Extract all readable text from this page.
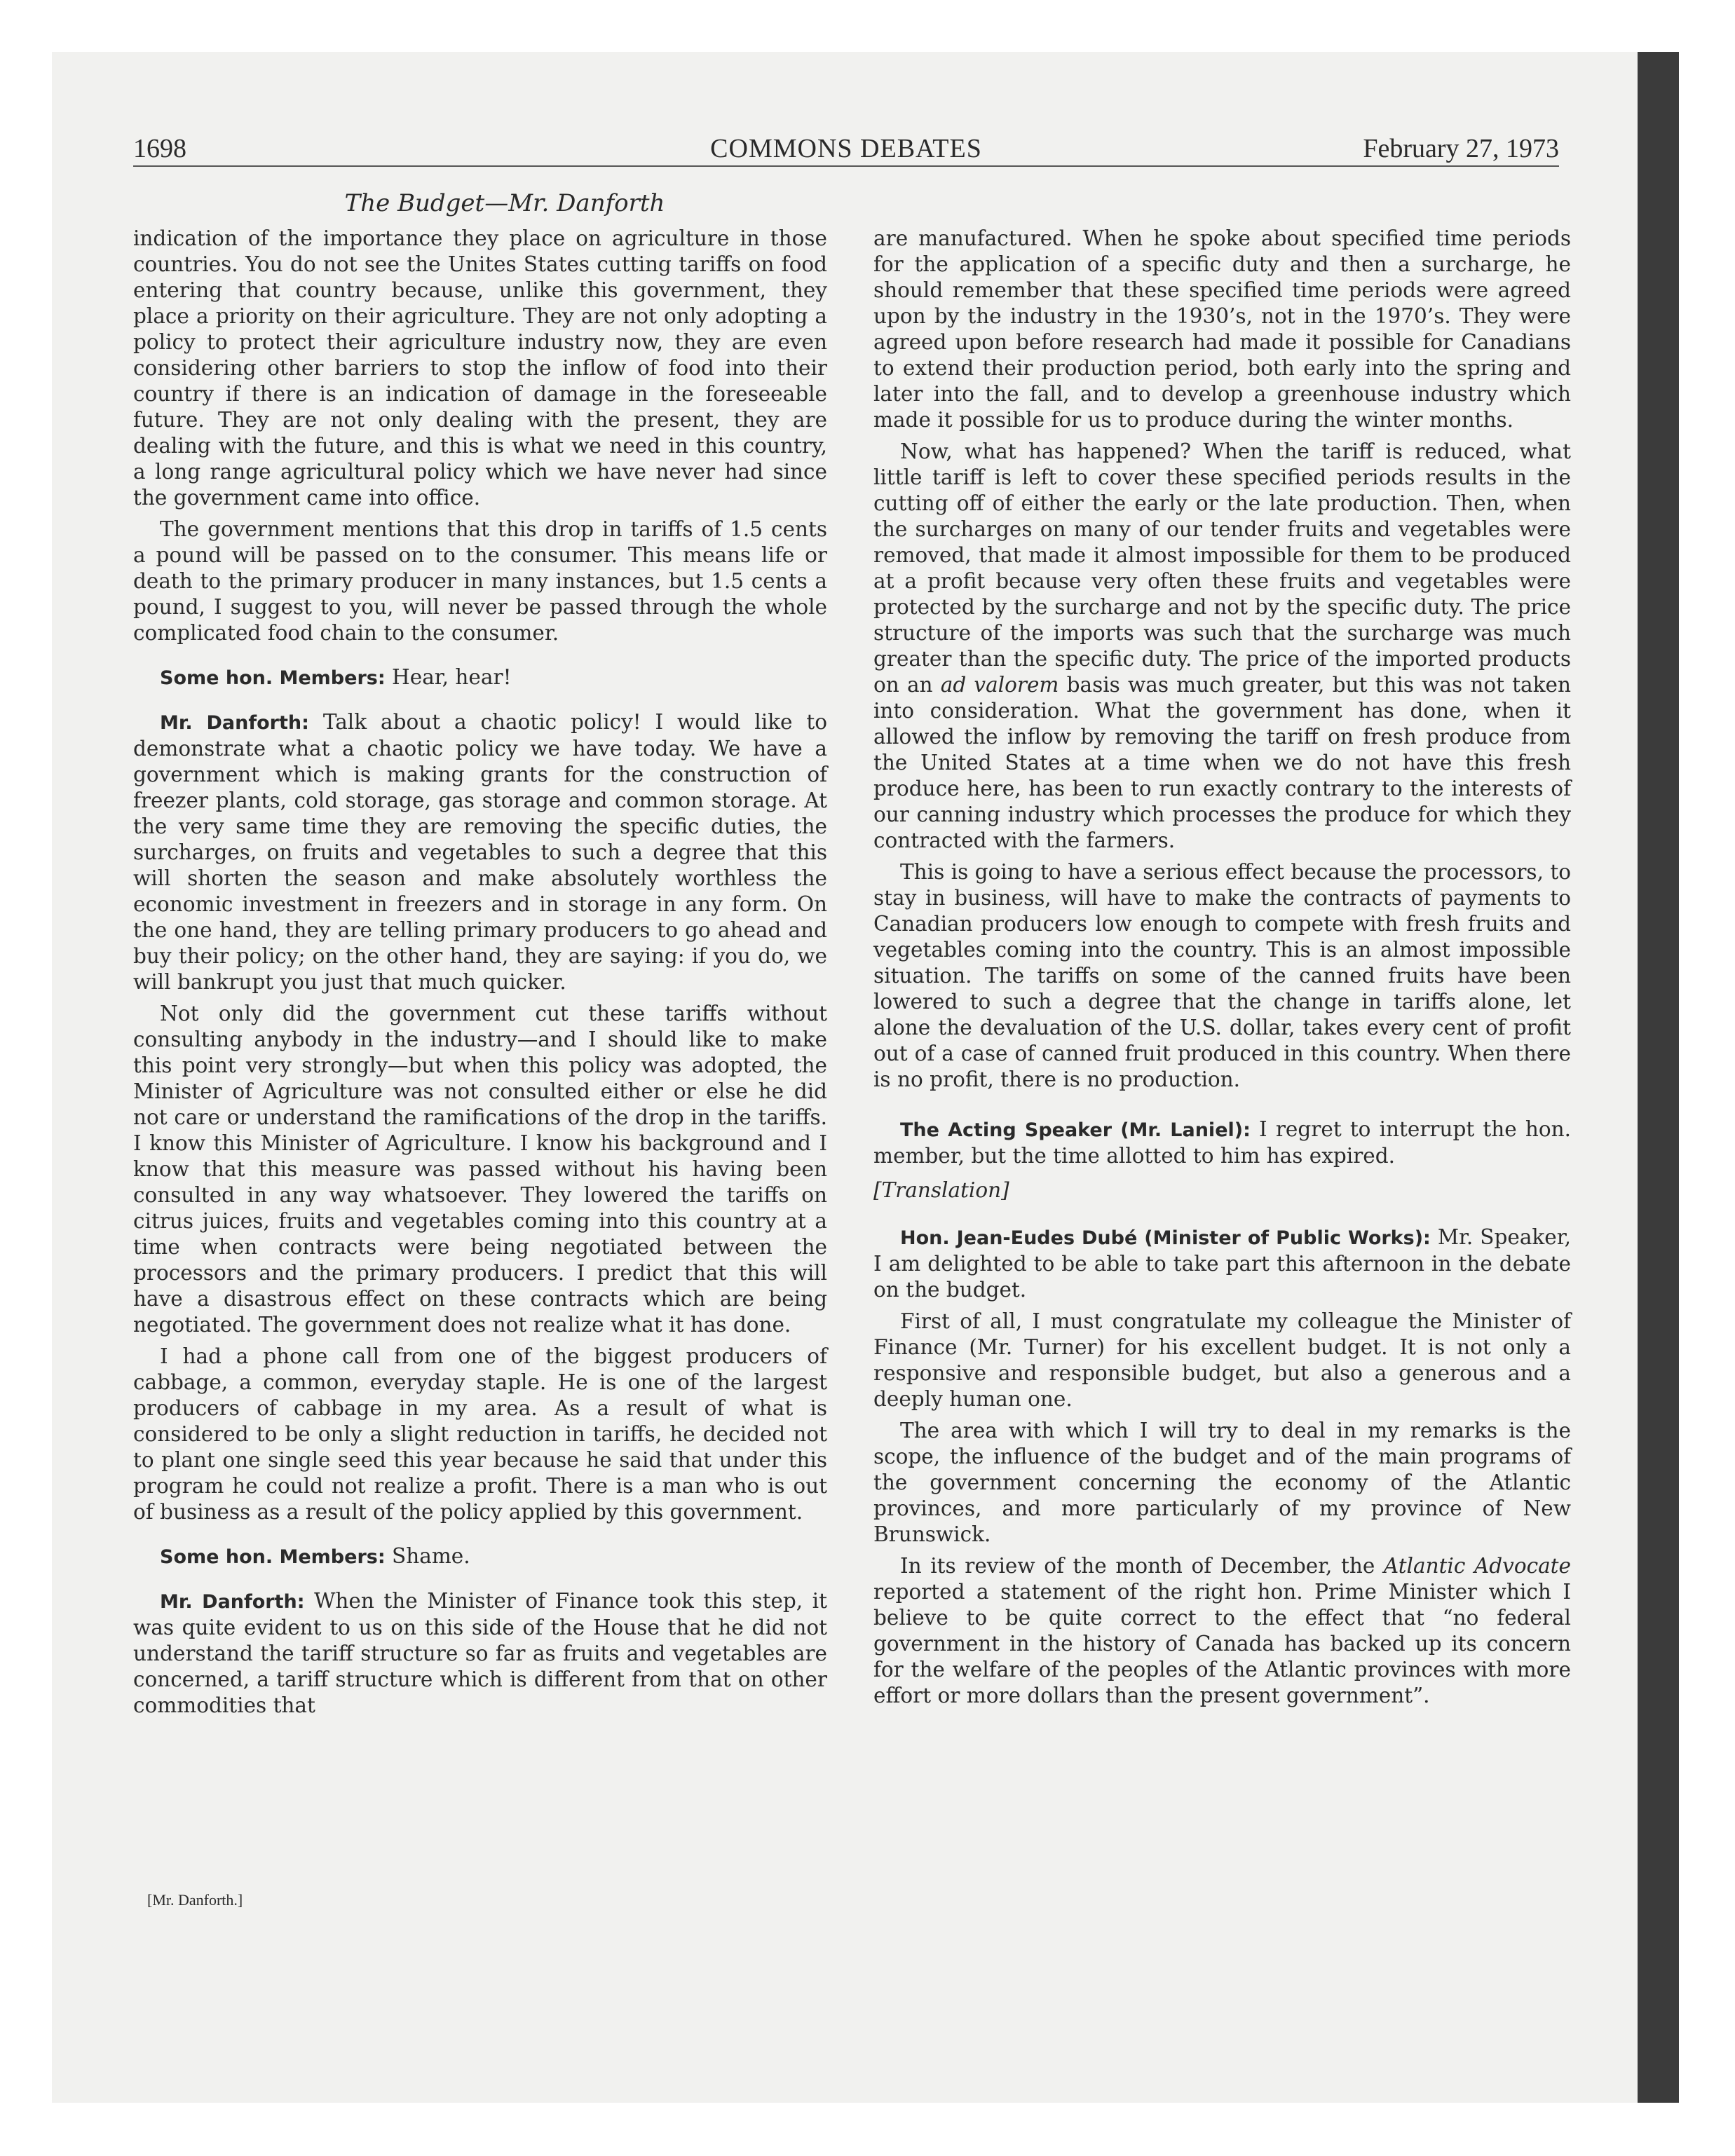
1698	COMMONS DEBATES	February 27, 1973
The Budget—Mr. Danforth

indication of the importance they place on agriculture in those countries. You do not see the Unites States cutting tariffs on food entering that country because, unlike this government, they place a priority on their agriculture. They are not only adopting a policy to protect their agriculture industry now, they are even considering other barriers to stop the inflow of food into their country if there is an indication of damage in the foreseeable future. They are not only dealing with the present, they are dealing with the future, and this is what we need in this country, a long range agricultural policy which we have never had since the government came into office.

The government mentions that this drop in tariffs of 1.5 cents a pound will be passed on to the consumer. This means life or death to the primary producer in many instances, but 1.5 cents a pound, I suggest to you, will never be passed through the whole complicated food chain to the consumer.

Some hon. Members: Hear, hear!

Mr. Danforth: Talk about a chaotic policy! I would like to demonstrate what a chaotic policy we have today. We have a government which is making grants for the construction of freezer plants, cold storage, gas storage and common storage. At the very same time they are removing the specific duties, the surcharges, on fruits and vegetables to such a degree that this will shorten the season and make absolutely worthless the economic investment in freezers and in storage in any form. On the one hand, they are telling primary producers to go ahead and buy their policy; on the other hand, they are saying: if you do, we will bankrupt you just that much quicker.

Not only did the government cut these tariffs without consulting anybody in the industry—and I should like to make this point very strongly—but when this policy was adopted, the Minister of Agriculture was not consulted either or else he did not care or understand the ramifications of the drop in the tariffs. I know this Minister of Agriculture. I know his background and I know that this measure was passed without his having been consulted in any way whatsoever. They lowered the tariffs on citrus juices, fruits and vegetables coming into this country at a time when contracts were being negotiated between the processors and the primary producers. I predict that this will have a disastrous effect on these contracts which are being negotiated. The government does not realize what it has done.

I had a phone call from one of the biggest producers of cabbage, a common, everyday staple. He is one of the largest producers of cabbage in my area. As a result of what is considered to be only a slight reduction in tariffs, he decided not to plant one single seed this year because he said that under this program he could not realize a profit. There is a man who is out of business as a result of the policy applied by this government.

Some hon. Members: Shame.

Mr. Danforth: When the Minister of Finance took this step, it was quite evident to us on this side of the House that he did not understand the tariff structure so far as fruits and vegetables are concerned, a tariff structure which is different from that on other commodities that

[Mr. Danforth.]

are manufactured. When he spoke about specified time periods for the application of a specific duty and then a surcharge, he should remember that these specified time periods were agreed upon by the industry in the 1930’s, not in the 1970’s. They were agreed upon before research had made it possible for Canadians to extend their production period, both early into the spring and later into the fall, and to develop a greenhouse industry which made it possible for us to produce during the winter months.

Now, what has happened? When the tariff is reduced, what little tariff is left to cover these specified periods results in the cutting off of either the early or the late production. Then, when the surcharges on many of our tender fruits and vegetables were removed, that made it almost impossible for them to be produced at a profit because very often these fruits and vegetables were protected by the surcharge and not by the specific duty. The price structure of the imports was such that the surcharge was much greater than the specific duty. The price of the imported products on an ad valorem basis was much greater, but this was not taken into consideration. What the government has done, when it allowed the inflow by removing the tariff on fresh produce from the United States at a time when we do not have this fresh produce here, has been to run exactly contrary to the interests of our canning industry which processes the produce for which they contracted with the farmers.

This is going to have a serious effect because the processors, to stay in business, will have to make the contracts of payments to Canadian producers low enough to compete with fresh fruits and vegetables coming into the country. This is an almost impossible situation. The tariffs on some of the canned fruits have been lowered to such a degree that the change in tariffs alone, let alone the devaluation of the U.S. dollar, takes every cent of profit out of a case of canned fruit produced in this country. When there is no profit, there is no production.

The Acting Speaker (Mr. Laniel): I regret to interrupt the hon. member, but the time allotted to him has expired.

[Translation]

Hon. Jean-Eudes Dubé (Minister of Public Works): Mr. Speaker, I am delighted to be able to take part this afternoon in the debate on the budget.

First of all, I must congratulate my colleague the Minister of Finance (Mr. Turner) for his excellent budget. It is not only a responsive and responsible budget, but also a generous and a deeply human one.

The area with which I will try to deal in my remarks is the scope, the influence of the budget and of the main programs of the government concerning the economy of the Atlantic provinces, and more particularly of my province of New Brunswick.

In its review of the month of December, the Atlantic Advocate reported a statement of the right hon. Prime Minister which I believe to be quite correct to the effect that “no federal government in the history of Canada has backed up its concern for the welfare of the peoples of the Atlantic provinces with more effort or more dollars than the present government”.
